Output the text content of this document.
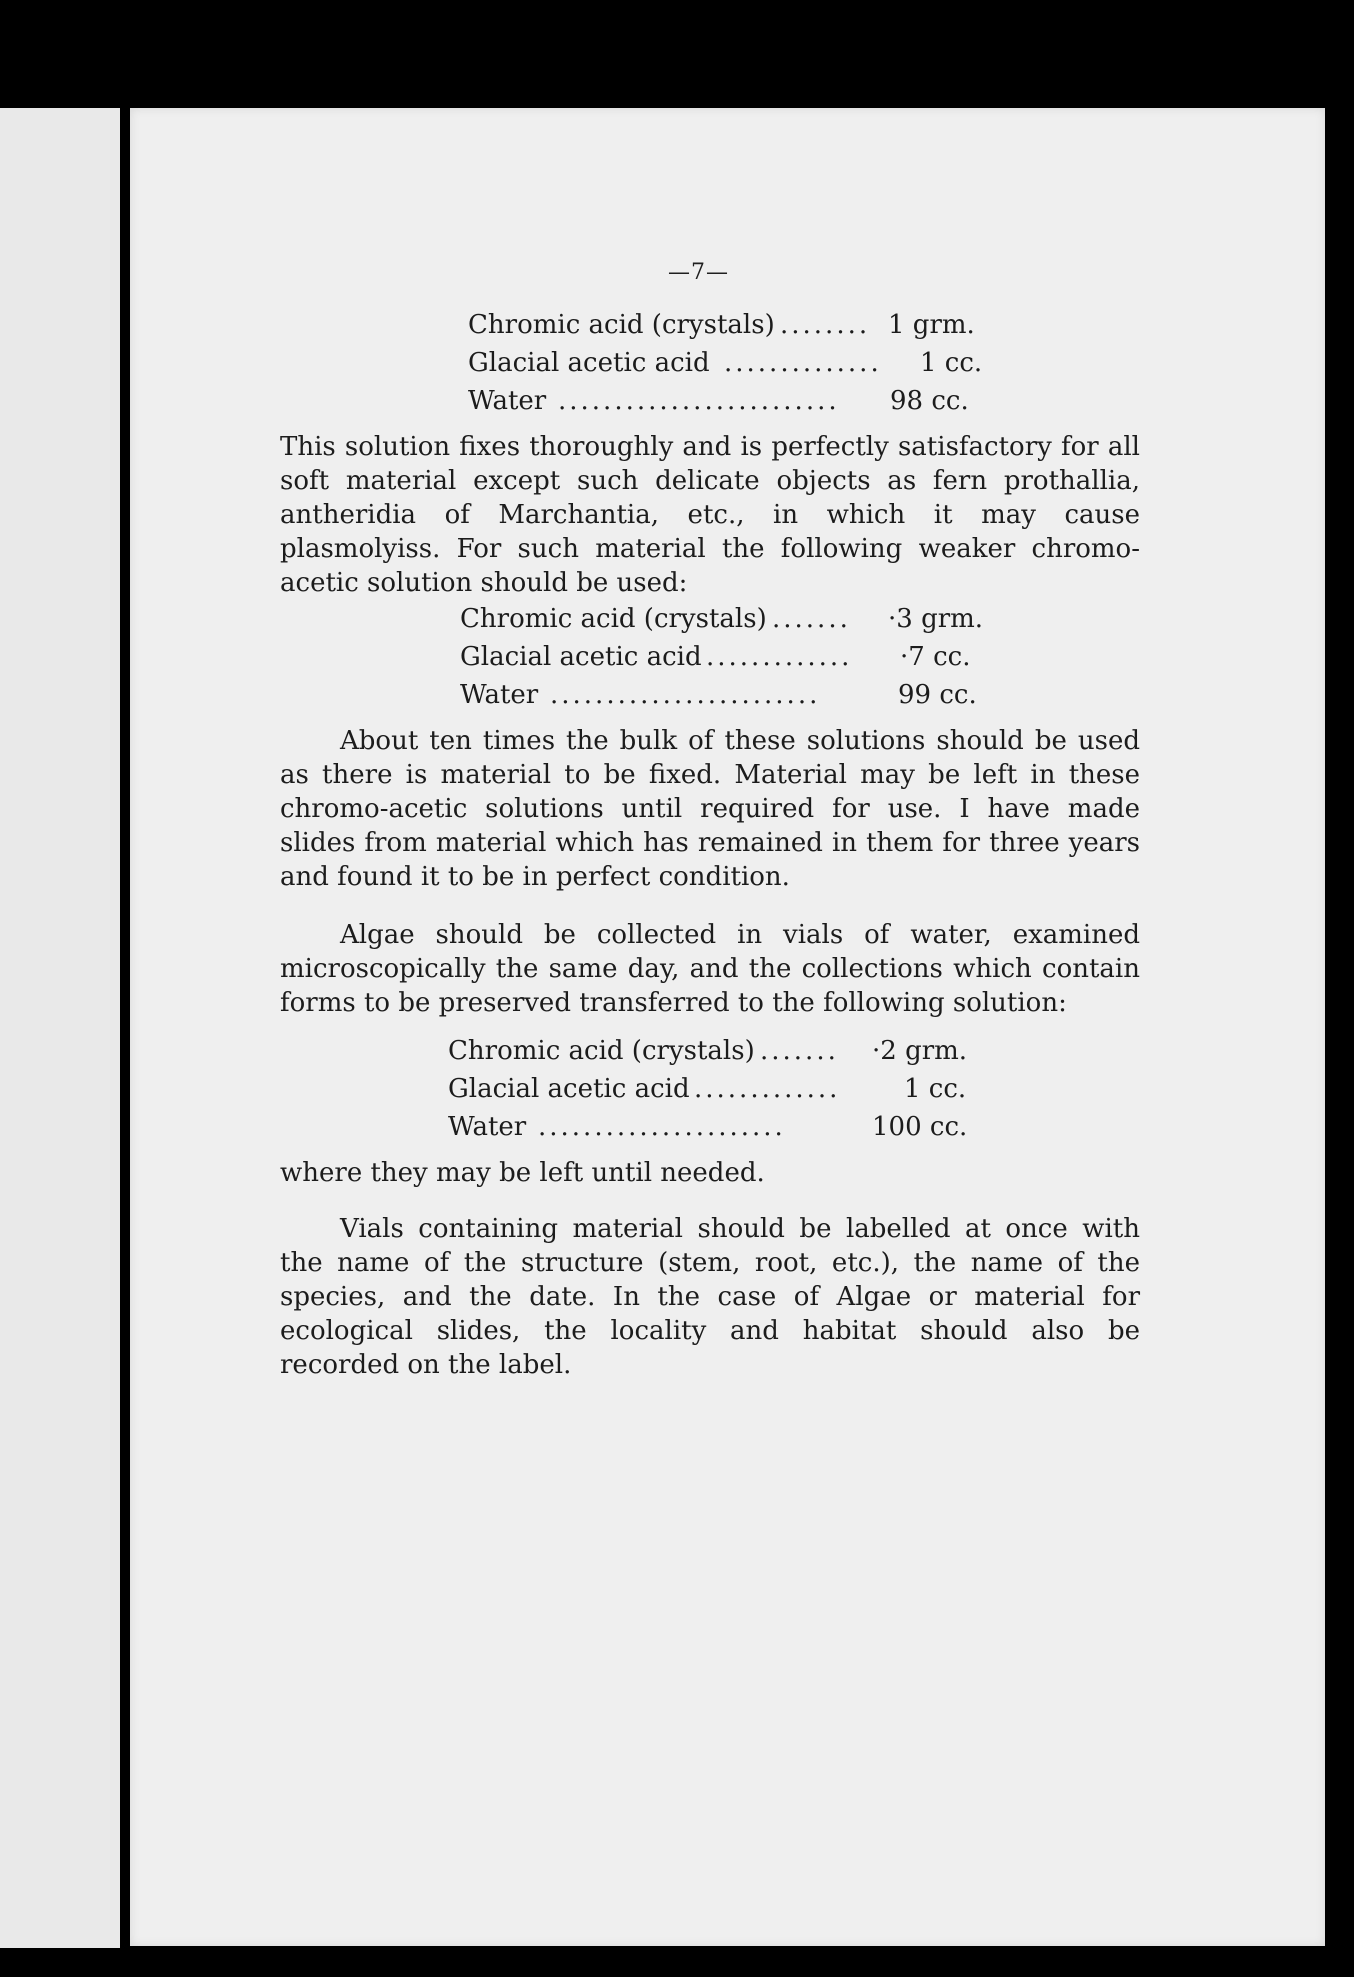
—7—
Chromic acid (crystals) ........ 1 grm.
Glacial acetic acid ..............	1 cc.
Water .........................	98 cc.
This solution fixes thoroughly and is perfectly satisfactory for all soft material except such delicate objects as fern prothallia, antheridia of Marchantia, etc., in which it may cause plasmolyiss. For such material the following weaker chromo-acetic solution should be used:
Chromic acid (crystals) .......	·3 grm.
Glacial acetic acid .............	·7 cc.
Water ........................	99 cc.
About ten times the bulk of these solutions should be used as there is material to be fixed. Material may be left in these chromo-acetic solutions until required for use. I have made slides from material which has remained in them for three years and found it to be in perfect condition.
Algae should be collected in vials of water, examined microscopically the same day, and the collections which contain forms to be preserved transferred to the following solution:
Chromic acid (crystals) .......	·2 grm.
Glacial acetic acid .............	1 cc.
Water ......................	100 cc.
where they may be left until needed.
Vials containing material should be labelled at once with the name of the structure (stem, root, etc.), the name of the species, and the date. In the case of Algae or material for ecological slides, the locality and habitat should also be recorded on the label.
